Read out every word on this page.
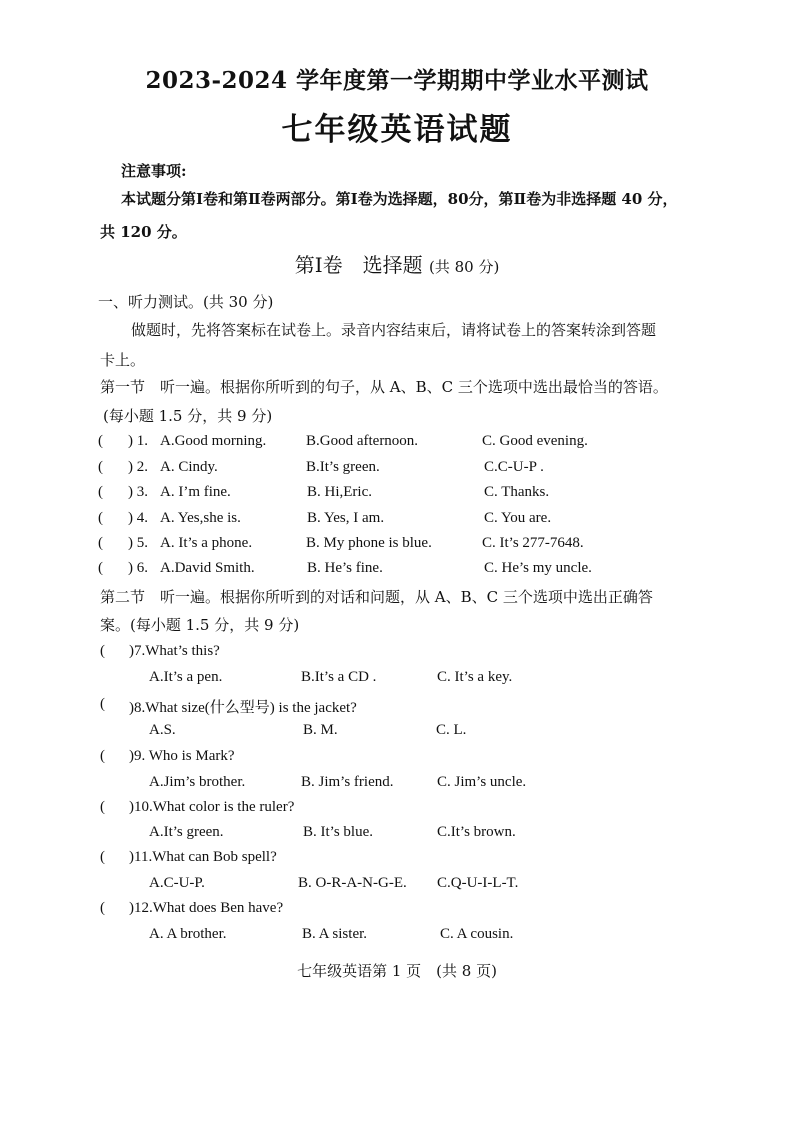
2023-2024 学年度第一学期期中学业水平测试
七年级英语试题
注意事项:
本试题分第Ⅰ卷和第Ⅱ卷两部分。第Ⅰ卷为选择题，80分，第Ⅱ卷为非选择题 40 分，
共 120 分。
第Ⅰ卷　选择题 (共 80 分)
一、听力测试。(共 30 分)
做题时，先将答案标在试卷上。录音内容结束后，请将试卷上的答案转涂到答题
卡上。
第一节　听一遍。根据你所听到的句子，从 A、B、C 三个选项中选出最恰当的答语。
(每小题 1.5 分，共 9 分)
( ) 1. A.Good morning.	B.Good afternoon.	C. Good evening.
( ) 2. A. Cindy.	B.It’s green.	C.C-U-P .
( ) 3. A. I’m fine.	B. Hi,Eric.	C. Thanks.
( ) 4. A. Yes,she is.	B. Yes, I am.	C. You are.
( ) 5. A. It’s a phone.	B. My phone is blue.	C. It’s 277-7648.
( ) 6. A.David Smith.	B. He’s fine.	C. He’s my uncle.
第二节　听一遍。根据你所听到的对话和问题，从 A、B、C 三个选项中选出正确答
案。(每小题 1.5 分，共 9 分)
( )7.What’s this?
A.It’s a pen.	B.It’s a CD .	C. It’s a key.
( )8.What size(什么型号) is the jacket?
A.S.	B. M.	C. L.
( )9. Who is Mark?
A.Jim’s brother.	B. Jim’s friend.	C. Jim’s uncle.
( )10.What color is the ruler?
A.It’s green.	B. It’s blue.	C.It’s brown.
( )11.What can Bob spell?
A.C-U-P.	B. O-R-A-N-G-E. C.Q-U-I-L-T.
( )12.What does Ben have?
A. A brother.	B. A sister.	C. A cousin.
七年级英语第 1 页　(共 8 页)
